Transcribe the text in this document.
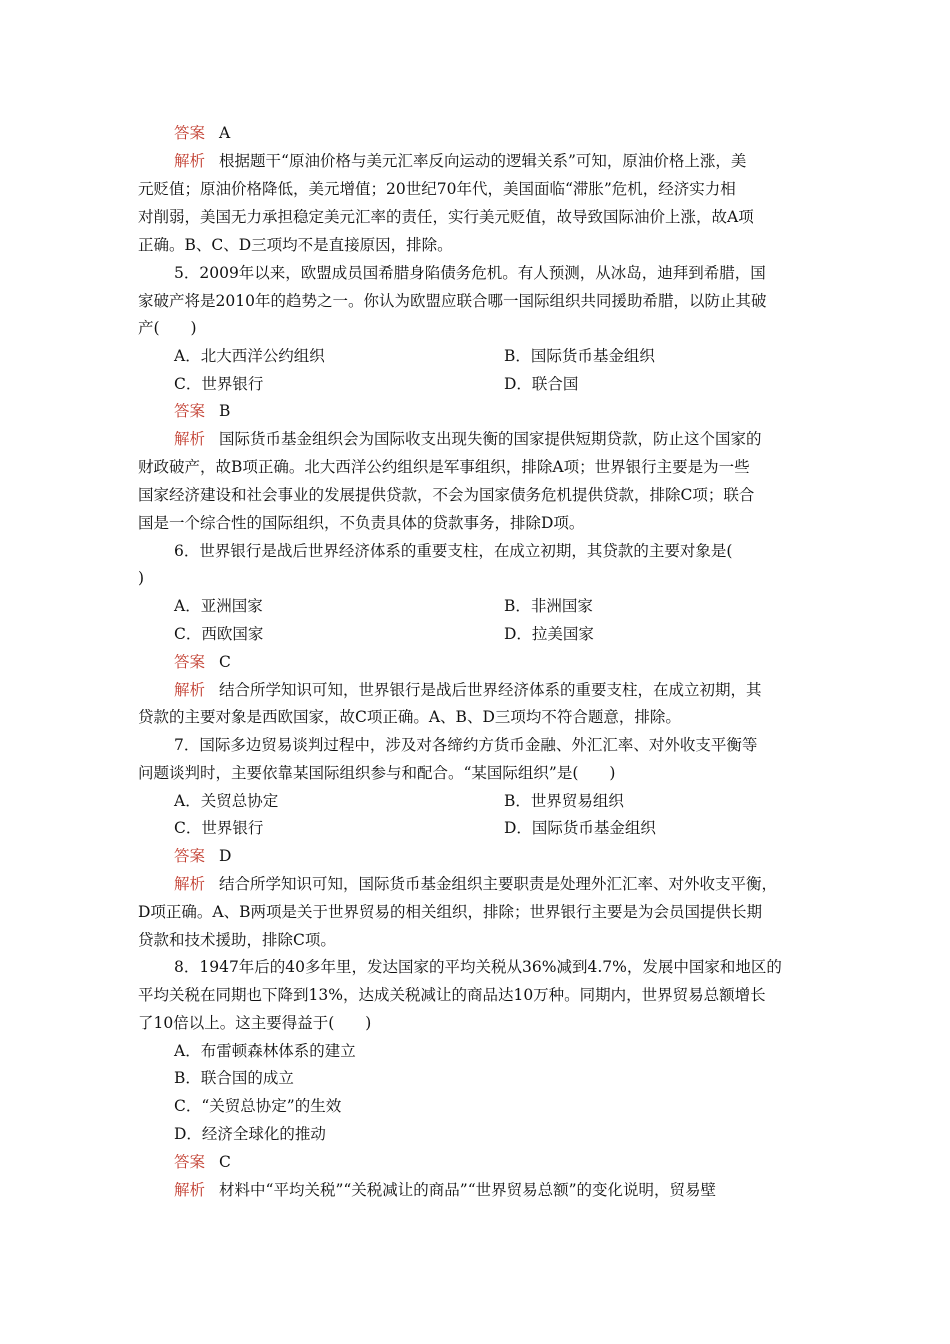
答案 A
解析 根据题干“原油价格与美元汇率反向运动的逻辑关系”可知，原油价格上涨，美
元贬值；原油价格降低，美元增值；20世纪70年代，美国面临“滞胀”危机，经济实力相
对削弱，美国无力承担稳定美元汇率的责任，实行美元贬值，故导致国际油价上涨，故A项
正确。B、C、D三项均不是直接原因，排除。
5．2009年以来，欧盟成员国希腊身陷债务危机。有人预测，从冰岛，迪拜到希腊，国
家破产将是2010年的趋势之一。你认为欧盟应联合哪一国际组织共同援助希腊，以防止其破
产(　　)
A．北大西洋公约组织	B．国际货币基金组织
C．世界银行	D．联合国
答案 B
解析 国际货币基金组织会为国际收支出现失衡的国家提供短期贷款，防止这个国家的
财政破产，故B项正确。北大西洋公约组织是军事组织，排除A项；世界银行主要是为一些
国家经济建设和社会事业的发展提供贷款，不会为国家债务危机提供贷款，排除C项；联合
国是一个综合性的国际组织，不负责具体的贷款事务，排除D项。
6．世界银行是战后世界经济体系的重要支柱，在成立初期，其贷款的主要对象是(
)
A．亚洲国家	B．非洲国家
C．西欧国家	D．拉美国家
答案 C
解析 结合所学知识可知，世界银行是战后世界经济体系的重要支柱，在成立初期，其
贷款的主要对象是西欧国家，故C项正确。A、B、D三项均不符合题意，排除。
7．国际多边贸易谈判过程中，涉及对各缔约方货币金融、外汇汇率、对外收支平衡等
问题谈判时，主要依靠某国际组织参与和配合。“某国际组织”是(　　)
A．关贸总协定	B．世界贸易组织
C．世界银行	D．国际货币基金组织
答案 D
解析 结合所学知识可知，国际货币基金组织主要职责是处理外汇汇率、对外收支平衡，
D项正确。A、B两项是关于世界贸易的相关组织，排除；世界银行主要是为会员国提供长期
贷款和技术援助，排除C项。
8．1947年后的40多年里，发达国家的平均关税从36%减到4.7%，发展中国家和地区的
平均关税在同期也下降到13%，达成关税减让的商品达10万种。同期内，世界贸易总额增长
了10倍以上。这主要得益于(　　)
A．布雷顿森林体系的建立
B．联合国的成立
C．“关贸总协定”的生效
D．经济全球化的推动
答案 C
解析 材料中“平均关税”“关税减让的商品”“世界贸易总额”的变化说明，贸易壁
